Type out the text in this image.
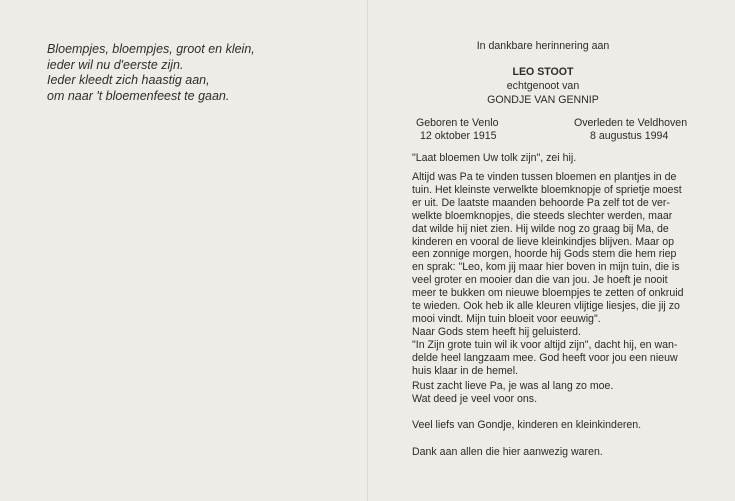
Bloempjes, bloempjes, groot en klein,
ieder wil nu d'eerste zijn.
Ieder kleedt zich haastig aan,
om naar 't bloemenfeest te gaan.
In dankbare herinnering aan
LEO STOOT
echtgenoot van
GONDJE VAN GENNIP
Geboren te Venlo
12 oktober 1915
Overleden te Veldhoven
8 augustus 1994
"Laat bloemen Uw tolk zijn", zei hij.
Altijd was Pa te vinden tussen bloemen en plantjes in de
tuin. Het kleinste verwelkte bloemknopje of sprietje moest
er uit. De laatste maanden behoorde Pa zelf tot de ver-
welkte bloemknopjes, die steeds slechter werden, maar
dat wilde hij niet zien. Hij wilde nog zo graag bij Ma, de
kinderen en vooral de lieve kleinkindjes blijven. Maar op
een zonnige morgen, hoorde hij Gods stem die hem riep
en sprak: "Leo, kom jij maar hier boven in mijn tuin, die is
veel groter en mooier dan die van jou. Je hoeft je nooit
meer te bukken om nieuwe bloempjes te zetten of onkruid
te wieden. Ook heb ik alle kleuren vlijtige liesjes, die jij zo
mooi vindt. Mijn tuin bloeit voor eeuwig".
Naar Gods stem heeft hij geluisterd.
"In Zijn grote tuin wil ik voor altijd zijn", dacht hij, en wan-
delde heel langzaam mee. God heeft voor jou een nieuw
huis klaar in de hemel.
Rust zacht lieve Pa, je was al lang zo moe.
Wat deed je veel voor ons.
Veel liefs van Gondje, kinderen en kleinkinderen.
Dank aan allen die hier aanwezig waren.
